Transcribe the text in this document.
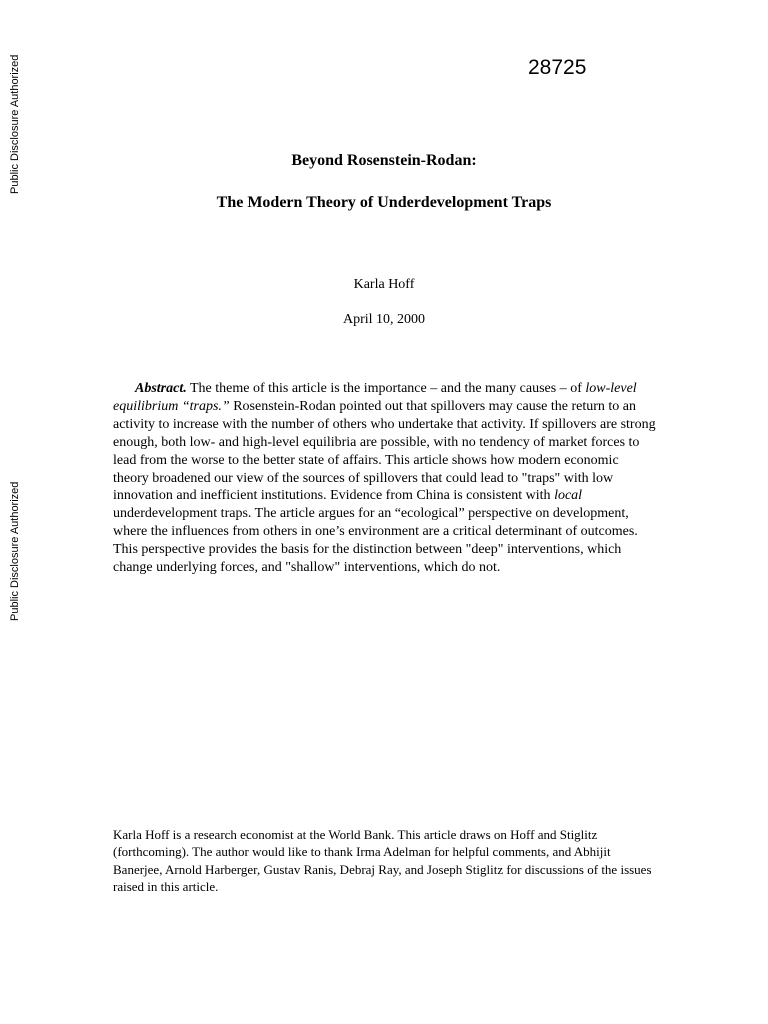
Public Disclosure Authorized
Public Disclosure Authorized
28725
Beyond Rosenstein-Rodan:
The Modern Theory of Underdevelopment Traps
Karla Hoff
April 10, 2000

Abstract. The theme of this article is the importance – and the many causes – of low-level equilibrium “traps.” Rosenstein-Rodan pointed out that spillovers may cause the return to an activity to increase with the number of others who undertake that activity. If spillovers are strong enough, both low- and high-level equilibria are possible, with no tendency of market forces to lead from the worse to the better state of affairs. This article shows how modern economic theory broadened our view of the sources of spillovers that could lead to "traps" with low innovation and inefficient institutions. Evidence from China is consistent with local underdevelopment traps. The article argues for an “ecological” perspective on development, where the influences from others in one’s environment are a critical determinant of outcomes. This perspective provides the basis for the distinction between "deep" interventions, which change underlying forces, and "shallow" interventions, which do not.

Karla Hoff is a research economist at the World Bank. This article draws on Hoff and Stiglitz (forthcoming). The author would like to thank Irma Adelman for helpful comments, and Abhijit Banerjee, Arnold Harberger, Gustav Ranis, Debraj Ray, and Joseph Stiglitz for discussions of the issues raised in this article.
